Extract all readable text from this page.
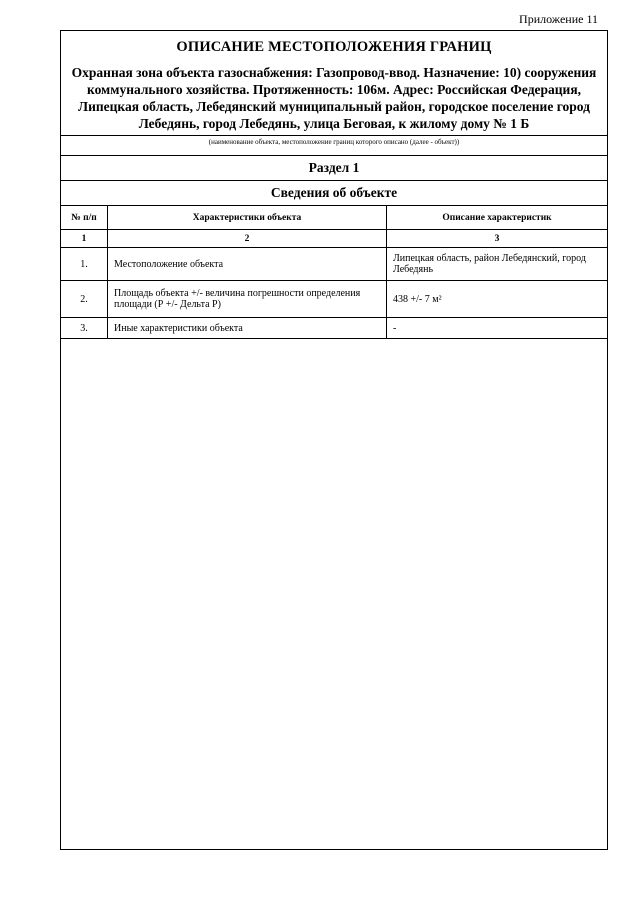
Приложение 11
ОПИСАНИЕ МЕСТОПОЛОЖЕНИЯ ГРАНИЦ
Охранная зона объекта газоснабжения: Газопровод-ввод. Назначение: 10) сооружения коммунального хозяйства. Протяженность: 106м. Адрес: Российская Федерация, Липецкая область, Лебедянский муниципальный район, городское поселение город Лебедянь, город Лебедянь, улица Беговая, к жилому дому № 1 Б
(наименование объекта, местоположение границ которого описано (далее - объект))
Раздел 1
Сведения об объекте
№ п/п	Характеристики объекта	Описание характеристик
1	2	3
1.	Местоположение объекта	Липецкая область, район Лебедянский, город Лебедянь
2.	Площадь объекта +/- величина погрешности определения площади (Р +/- Дельта Р)	438 +/- 7 м²
3.	Иные характеристики объекта	-
